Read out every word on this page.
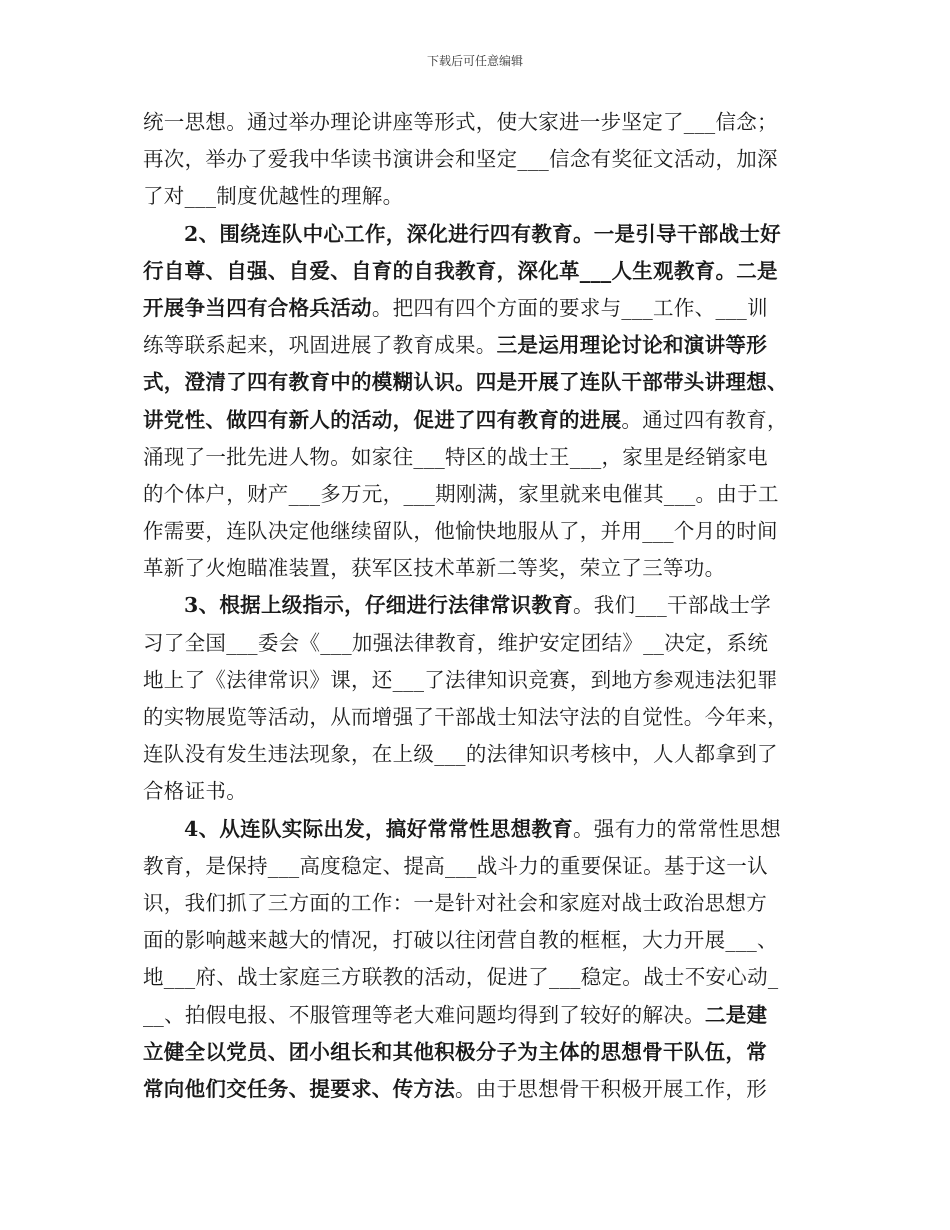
下载后可任意编辑
统一思想。通过举办理论讲座等形式，使大家进一步坚定了___信念；
再次，举办了爱我中华读书演讲会和坚定___信念有奖征文活动，加深
了对___制度优越性的理解。
2、围绕连队中心工作，深化进行四有教育。一是引导干部战士好
行自尊、自强、自爱、自育的自我教育，深化革___人生观教育。二是
开展争当四有合格兵活动。把四有四个方面的要求与___工作、___训
练等联系起来，巩固进展了教育成果。三是运用理论讨论和演讲等形
式，澄清了四有教育中的模糊认识。四是开展了连队干部带头讲理想、
讲党性、做四有新人的活动，促进了四有教育的进展。通过四有教育，
涌现了一批先进人物。如家往___特区的战士王___，家里是经销家电
的个体户，财产___多万元，___期刚满，家里就来电催其___。由于工
作需要，连队决定他继续留队，他愉快地服从了，并用___个月的时间
革新了火炮瞄准装置，获军区技术革新二等奖，荣立了三等功。
3、根据上级指示，仔细进行法律常识教育。我们___干部战士学
习了全国___委会《___加强法律教育，维护安定团结》__决定，系统
地上了《法律常识》课，还___了法律知识竞赛，到地方参观违法犯罪
的实物展览等活动，从而增强了干部战士知法守法的自觉性。今年来，
连队没有发生违法现象，在上级___的法律知识考核中，人人都拿到了
合格证书。
4、从连队实际出发，搞好常常性思想教育。强有力的常常性思想
教育，是保持___高度稳定、提高___战斗力的重要保证。基于这一认
识，我们抓了三方面的工作：一是针对社会和家庭对战士政治思想方
面的影响越来越大的情况，打破以往闭营自教的框框，大力开展___、
地___府、战士家庭三方联教的活动，促进了___稳定。战士不安心动_
__、拍假电报、不服管理等老大难问题均得到了较好的解决。二是建
立健全以党员、团小组长和其他积极分子为主体的思想骨干队伍，常
常向他们交任务、提要求、传方法。由于思想骨干积极开展工作，形
